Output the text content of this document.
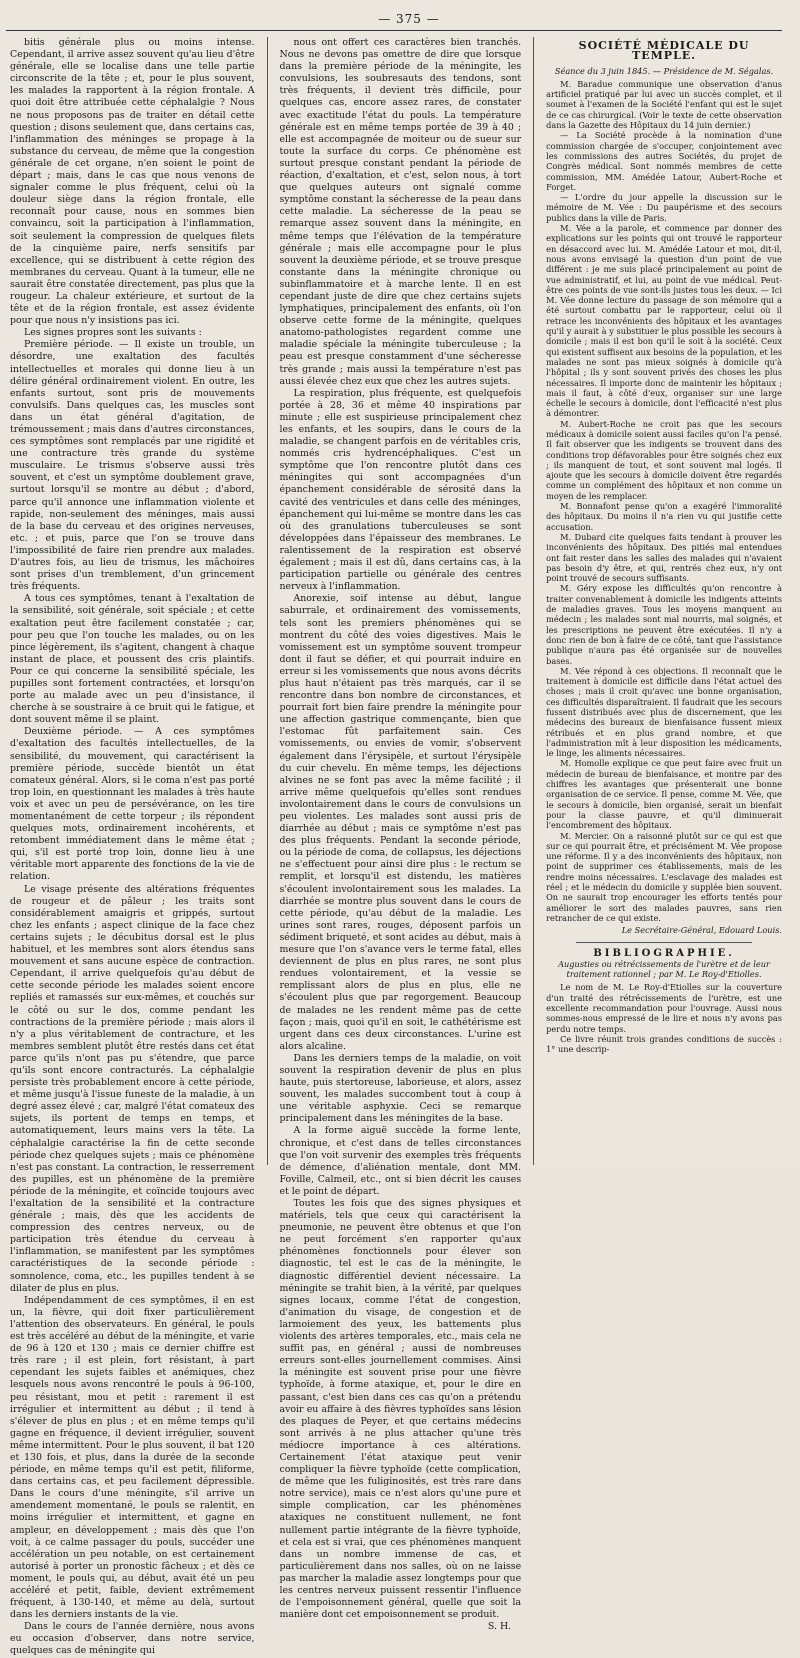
— 375 —

bitis générale plus ou moins intense. Cependant, il arrive assez souvent qu'au lieu d'être générale, elle se localise dans une telle partie circonscrite de la tête ; et, pour le plus souvent, les malades la rapportent à la région frontale. A quoi doit être attribuée cette céphalalgie ? Nous ne nous proposons pas de traiter en détail cette question ; disons seulement que, dans certains cas, l'inflammation des méninges se propage à la substance du cerveau, de même que la congestion générale de cet organe, n'en soient le point de départ ; mais, dans le cas que nous venons de signaler comme le plus fréquent, celui où la douleur siège dans la région frontale, elle reconnaît pour cause, nous en sommes bien convaincu, soit la participation à l'inflammation, soit seulement la compression de quelques filets de la cinquième paire, nerfs sensitifs par excellence, qui se distribuent à cette région des membranes du cerveau. Quant à la tumeur, elle ne saurait être constatée directement, pas plus que la rougeur. La chaleur extérieure, et surtout de la tête et de la région frontale, est assez évidente pour que nous n'y insistions pas ici.

Les signes propres sont les suivants :

Première période. — Il existe un trouble, un désordre, une exaltation des facultés intellectuelles et morales qui donne lieu à un délire général ordinairement violent. En outre, les enfants surtout, sont pris de mouvements convulsifs. Dans quelques cas, les muscles sont dans un état général d'agitation, de trémoussement ; mais dans d'autres circonstances, ces symptômes sont remplacés par une rigidité et une contracture très grande du système musculaire. Le trismus s'observe aussi très souvent, et c'est un symptôme doublement grave, surtout lorsqu'il se montre au début ; d'abord, parce qu'il annonce une inflammation violente et rapide, non-seulement des méninges, mais aussi de la base du cerveau et des origines nerveuses, etc. ; et puis, parce que l'on se trouve dans l'impossibilité de faire rien prendre aux malades. D'autres fois, au lieu de trismus, les mâchoires sont prises d'un tremblement, d'un grincement très fréquents.

A tous ces symptômes, tenant à l'exaltation de la sensibilité, soit générale, soit spéciale ; et cette exaltation peut être facilement constatée ; car, pour peu que l'on touche les malades, ou on les pince légèrement, ils s'agitent, changent à chaque instant de place, et poussent des cris plaintifs. Pour ce qui concerne la sensibilité spéciale, les pupilles sont fortement contractées, et lorsqu'on porte au malade avec un peu d'insistance, il cherche à se soustraire à ce bruit qui le fatigue, et dont souvent même il se plaint.

Deuxième période. — A ces symptômes d'exaltation des facultés intellectuelles, de la sensibilité, du mouvement, qui caractérisent la première période, succède bientôt un état comateux général. Alors, si le coma n'est pas porté trop loin, en questionnant les malades à très haute voix et avec un peu de persévérance, on les tire momentanément de cette torpeur ; ils répondent quelques mots, ordinairement incohérents, et retombent immédiatement dans le même état ; qui, s'il est porté trop loin, donne lieu à une véritable mort apparente des fonctions de la vie de relation.

Le visage présente des altérations fréquentes de rougeur et de pâleur ; les traits sont considérablement amaigris et grippés, surtout chez les enfants ; aspect clinique de la face chez certains sujets ; le décubitus dorsal est le plus habituel, et les membres sont alors étendus sans mouvement et sans aucune espèce de contraction. Cependant, il arrive quelquefois qu'au début de cette seconde période les malades soient encore repliés et ramassés sur eux-mêmes, et couchés sur le côté ou sur le dos, comme pendant les contractions de la première période ; mais alors il n'y a plus véritablement de contracture, et les membres semblent plutôt être restés dans cet état parce qu'ils n'ont pas pu s'étendre, que parce qu'ils sont encore contracturés. La céphalalgie persiste très probablement encore à cette période, et même jusqu'à l'issue funeste de la maladie, à un degré assez élevé ; car, malgré l'état comateux des sujets, ils portent de temps en temps, et automatiquement, leurs mains vers la tête. La céphalalgie caractérise la fin de cette seconde période chez quelques sujets ; mais ce phénomène n'est pas constant. La contraction, le resserrement des pupilles, est un phénomène de la première période de la méningite, et coïncide toujours avec l'exaltation de la sensibilité et la contracture générale ; mais, dès que les accidents de compression des centres nerveux, ou de participation très étendue du cerveau à l'inflammation, se manifestent par les symptômes caractéristiques de la seconde période : somnolence, coma, etc., les pupilles tendent à se dilater de plus en plus.

Indépendamment de ces symptômes, il en est un, la fièvre, qui doit fixer particulièrement l'attention des observateurs. En général, le pouls est très accéléré au début de la méningite, et varie de 96 à 120 et 130 ; mais ce dernier chiffre est très rare ; il est plein, fort résistant, à part cependant les sujets faibles et anémiques, chez lesquels nous avons rencontré le pouls à 96-100, peu résistant, mou et petit : rarement il est irrégulier et intermittent au début ; il tend à s'élever de plus en plus ; et en même temps qu'il gagne en fréquence, il devient irrégulier, souvent même intermittent. Pour le plus souvent, il bat 120 et 130 fois, et plus, dans la durée de la seconde période, en même temps qu'il est petit, filiforme, dans certains cas, et peu facilement dépressible. Dans le cours d'une méningite, s'il arrive un amendement momentané, le pouls se ralentit, en moins irrégulier et intermittent, et gagne en ampleur, en développement ; mais dès que l'on voit, à ce calme passager du pouls, succéder une accélération un peu notable, on est certainement autorisé à porter un pronostic fâcheux ; et dès ce moment, le pouls qui, au début, avait été un peu accéléré et petit, faible, devient extrêmement fréquent, à 130-140, et même au delà, surtout dans les derniers instants de la vie.

Dans le cours de l'année dernière, nous avons eu occasion d'observer, dans notre service, quelques cas de méningite qui

nous ont offert ces caractères bien tranchés. Nous ne devons pas omettre de dire que lorsque dans la première période de la méningite, les convulsions, les soubresauts des tendons, sont très fréquents, il devient très difficile, pour quelques cas, encore assez rares, de constater avec exactitude l'état du pouls. La température générale est en même temps portée de 39 à 40 ; elle est accompagnée de moiteur ou de sueur sur toute la surface du corps. Ce phénomène est surtout presque constant pendant la période de réaction, d'exaltation, et c'est, selon nous, à tort que quelques auteurs ont signalé comme symptôme constant la sécheresse de la peau dans cette maladie. La sécheresse de la peau se remarque assez souvent dans la méningite, en même temps que l'élévation de la température générale ; mais elle accompagne pour le plus souvent la deuxième période, et se trouve presque constante dans la méningite chronique ou subinflammatoire et à marche lente. Il en est cependant juste de dire que chez certains sujets lymphatiques, principalement des enfants, où l'on observe cette forme de la méningite, quelques anatomo-pathologistes regardent comme une maladie spéciale la méningite tuberculeuse ; la peau est presque constamment d'une sécheresse très grande ; mais aussi la température n'est pas aussi élevée chez eux que chez les autres sujets.

La respiration, plus fréquente, est quelquefois portée à 28, 36 et même 40 inspirations par minute ; elle est suspirieuse principalement chez les enfants, et les soupirs, dans le cours de la maladie, se changent parfois en de véritables cris, nommés cris hydrencéphaliques. C'est un symptôme que l'on rencontre plutôt dans ces méningites qui sont accompagnées d'un épanchement considérable de sérosité dans la cavité des ventricules et dans celle des méninges, épanchement qui lui-même se montre dans les cas où des granulations tuberculeuses se sont développées dans l'épaisseur des membranes. Le ralentissement de la respiration est observé également ; mais il est dû, dans certains cas, à la participation partielle ou générale des centres nerveux à l'inflammation.

Anorexie, soif intense au début, langue saburrale, et ordinairement des vomissements, tels sont les premiers phénomènes qui se montrent du côté des voies digestives. Mais le vomissement est un symptôme souvent trompeur dont il faut se défier, et qui pourrait induire en erreur si les vomissements que nous avons décrits plus haut n'étaient pas très marqués, car il se rencontre dans bon nombre de circonstances, et pourrait fort bien faire prendre la méningite pour une affection gastrique commençante, bien que l'estomac fût parfaitement sain. Ces vomissements, ou envies de vomir, s'observent également dans l'érysipèle, et surtout l'érysipèle du cuir chevelu. En même temps, les déjections alvines ne se font pas avec la même facilité ; il arrive même quelquefois qu'elles sont rendues involontairement dans le cours de convulsions un peu violentes. Les malades sont aussi pris de diarrhée au début ; mais ce symptôme n'est pas des plus fréquents. Pendant la seconde période, ou la période de coma, de collapsus, les déjections ne s'effectuent pour ainsi dire plus : le rectum se remplit, et lorsqu'il est distendu, les matières s'écoulent involontairement sous les malades. La diarrhée se montre plus souvent dans le cours de cette période, qu'au début de la maladie. Les urines sont rares, rouges, déposent parfois un sédiment briqueté, et sont acides au début, mais à mesure que l'on s'avance vers le terme fatal, elles deviennent de plus en plus rares, ne sont plus rendues volontairement, et la vessie se remplissant alors de plus en plus, elle ne s'écoulent plus que par regorgement. Beaucoup de malades ne les rendent même pas de cette façon ; mais, quoi qu'il en soit, le cathétérisme est urgent dans ces deux circonstances. L'urine est alors alcaline.

Dans les derniers temps de la maladie, on voit souvent la respiration devenir de plus en plus haute, puis stertoreuse, laborieuse, et alors, assez souvent, les malades succombent tout à coup à une véritable asphyxie. Ceci se remarque principalement dans les méningites de la base.

A la forme aiguë succède la forme lente, chronique, et c'est dans de telles circonstances que l'on voit survenir des exemples très fréquents de démence, d'aliénation mentale, dont MM. Foville, Calmeil, etc., ont si bien décrit les causes et le point de départ.

Toutes les fois que des signes physiques et matériels, tels que ceux qui caractérisent la pneumonie, ne peuvent être obtenus et que l'on ne peut forcément s'en rapporter qu'aux phénomènes fonctionnels pour élever son diagnostic, tel est le cas de la méningite, le diagnostic différentiel devient nécessaire. La méningite se trahit bien, à la vérité, par quelques signes locaux, comme l'état de congestion, d'animation du visage, de congestion et de larmoiement des yeux, les battements plus violents des artères temporales, etc., mais cela ne suffit pas, en général ; aussi de nombreuses erreurs sont-elles journellement commises. Ainsi la méningite est souvent prise pour une fièvre typhoïde, à forme ataxique, et, pour le dire en passant, c'est bien dans ces cas qu'on a prétendu avoir eu affaire à des fièvres typhoïdes sans lésion des plaques de Peyer, et que certains médecins sont arrivés à ne plus attacher qu'une très médiocre importance à ces altérations. Certainement l'état ataxique peut venir compliquer la fièvre typhoïde (cette complication, de même que les fuliginosités, est très rare dans notre service), mais ce n'est alors qu'une pure et simple complication, car les phénomènes ataxiques ne constituent nullement, ne font nullement partie intégrante de la fièvre typhoïde, et cela est si vrai, que ces phénomènes manquent dans un nombre immense de cas, et particulièrement dans nos salles, où on ne laisse pas marcher la maladie assez longtemps pour que les centres nerveux puissent ressentir l'influence de l'empoisonnement général, quelle que soit la manière dont cet empoisonnement se produit.

S. H.

SOCIÉTÉ MÉDICALE DU TEMPLE.

Séance du 3 juin 1845. — Présidence de M. Ségalas.

M. Baradue communique une observation d'anus artificiel pratiqué par lui avec un succès complet, et il soumet à l'examen de la Société l'enfant qui est le sujet de ce cas chirurgical. (Voir le texte de cette observation dans la Gazette des Hôpitaux du 14 juin dernier.)

— La Société procède à la nomination d'une commission chargée de s'occuper, conjointement avec les commissions des autres Sociétés, du projet de Congrès médical. Sont nommés membres de cette commission, MM. Amédée Latour, Aubert-Roche et Forget.

— L'ordre du jour appelle la discussion sur le mémoire de M. Vée : Du paupérisme et des secours publics dans la ville de Paris.

M. Vée a la parole, et commence par donner des explications sur les points qui ont trouvé le rapporteur en désaccord avec lui. M. Amédée Latour et moi, dit-il, nous avons envisagé la question d'un point de vue différent : je me suis placé principalement au point de vue administratif, et lui, au point de vue médical. Peut-être ces points de vue sont-ils justes tous les deux. — Ici M. Vée donne lecture du passage de son mémoire qui a été surtout combattu par le rapporteur, celui où il retrace les inconvénients des hôpitaux et les avantages qu'il y aurait à y substituer le plus possible les secours à domicile ; mais il est bon qu'il le soit à la société. Ceux qui existent suffisent aux besoins de la population, et les malades ne sont pas mieux soignés à domicile qu'à l'hôpital ; ils y sont souvent privés des choses les plus nécessaires. Il importe donc de maintenir les hôpitaux ; mais il faut, à côté d'eux, organiser sur une large échelle le secours à domicile, dont l'efficacité n'est plus à démontrer.

M. Aubert-Roche ne croit pas que les secours médicaux à domicile soient aussi faciles qu'on l'a pensé. Il fait observer que les indigents se trouvent dans des conditions trop défavorables pour être soignés chez eux ; ils manquent de tout, et sont souvent mal logés. Il ajoute que les secours à domicile doivent être regardés comme un complément des hôpitaux et non comme un moyen de les remplacer.

M. Bonnafont pense qu'on a exagéré l'immoralité des hôpitaux. Du moins il n'a rien vu qui justifie cette accusation.

M. Dubard cite quelques faits tendant à prouver les inconvénients des hôpitaux. Des pitiés mal entendues ont fait rester dans les salles des malades qui n'avaient pas besoin d'y être, et qui, rentrés chez eux, n'y ont point trouvé de secours suffisants.

M. Géry expose les difficultés qu'on rencontre à traiter convenablement à domicile les indigents atteints de maladies graves. Tous les moyens manquent au médecin ; les malades sont mal nourris, mal soignés, et les prescriptions ne peuvent être exécutées. Il n'y a donc rien de bon à faire de ce côté, tant que l'assistance publique n'aura pas été organisée sur de nouvelles bases.

M. Vée répond à ces objections. Il reconnaît que le traitement à domicile est difficile dans l'état actuel des choses ; mais il croit qu'avec une bonne organisation, ces difficultés disparaîtraient. Il faudrait que les secours fussent distribués avec plus de discernement, que les médecins des bureaux de bienfaisance fussent mieux rétribués et en plus grand nombre, et que l'administration mît à leur disposition les médicaments, le linge, les aliments nécessaires.

M. Homolle explique ce que peut faire avec fruit un médecin de bureau de bienfaisance, et montre par des chiffres les avantages que présenterait une bonne organisation de ce service. Il pense, comme M. Vée, que le secours à domicile, bien organisé, serait un bienfait pour la classe pauvre, et qu'il diminuerait l'encombrement des hôpitaux.

M. Mercier. On a raisonné plutôt sur ce qui est que sur ce qui pourrait être, et précisément M. Vée propose une réforme. Il y a des inconvénients des hôpitaux, non point de supprimer ces établissements, mais de les rendre moins nécessaires. L'esclavage des malades est réel ; et le médecin du domicile y supplée bien souvent. On ne saurait trop encourager les efforts tentés pour améliorer le sort des malades pauvres, sans rien retrancher de ce qui existe.

Le Secrétaire-Général, Edouard Louis.

BIBLIOGRAPHIE.

Augusties ou rétrécissements de l'urètre et de leur traitement rationnel ; par M. Le Roy-d'Etiolles.

Le nom de M. Le Roy-d'Etiolles sur la couverture d'un traité des rétrécissements de l'urètre, est une excellente recommandation pour l'ouvrage. Aussi nous sommes-nous empressé de le lire et nous n'y avons pas perdu notre temps.

Ce livre réunit trois grandes conditions de succès : 1° une descrip-
